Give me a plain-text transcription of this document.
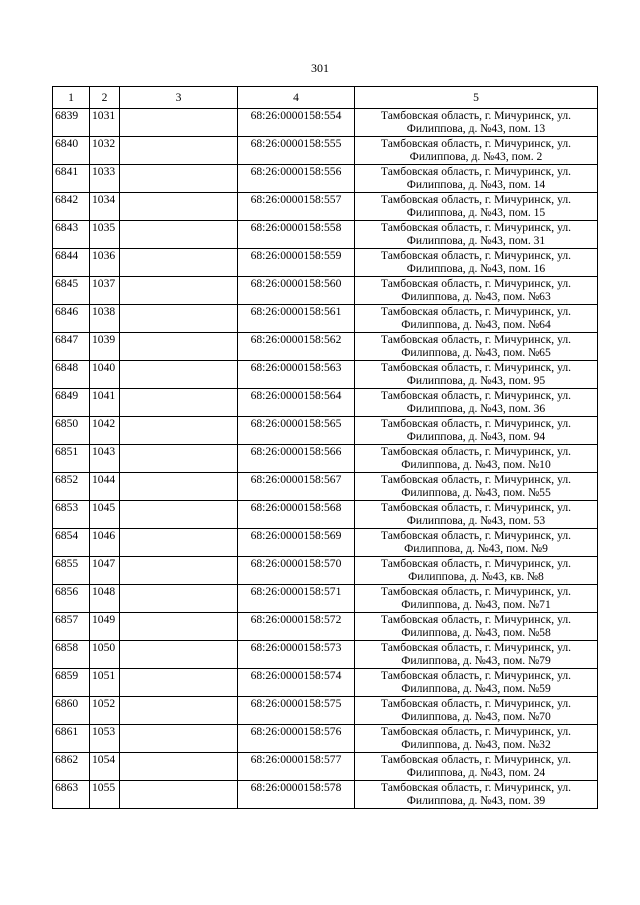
301
1	2	3	4	5
6839	1031		68:26:0000158:554	Тамбовская область, г. Мичуринск, ул.
Филиппова, д. №43, пом. 13

6840	1032		68:26:0000158:555	Тамбовская область, г. Мичуринск, ул.
Филиппова, д. №43, пом. 2

6841	1033		68:26:0000158:556	Тамбовская область, г. Мичуринск, ул.
Филиппова, д. №43, пом. 14

6842	1034		68:26:0000158:557	Тамбовская область, г. Мичуринск, ул.
Филиппова, д. №43, пом. 15

6843	1035		68:26:0000158:558	Тамбовская область, г. Мичуринск, ул.
Филиппова, д. №43, пом. 31

6844	1036		68:26:0000158:559	Тамбовская область, г. Мичуринск, ул.
Филиппова, д. №43, пом. 16

6845	1037		68:26:0000158:560	Тамбовская область, г. Мичуринск, ул.
Филиппова, д. №43, пом. №63

6846	1038		68:26:0000158:561	Тамбовская область, г. Мичуринск, ул.
Филиппова, д. №43, пом. №64

6847	1039		68:26:0000158:562	Тамбовская область, г. Мичуринск, ул.
Филиппова, д. №43, пом. №65

6848	1040		68:26:0000158:563	Тамбовская область, г. Мичуринск, ул.
Филиппова, д. №43, пом. 95

6849	1041		68:26:0000158:564	Тамбовская область, г. Мичуринск, ул.
Филиппова, д. №43, пом. 36

6850	1042		68:26:0000158:565	Тамбовская область, г. Мичуринск, ул.
Филиппова, д. №43, пом. 94

6851	1043		68:26:0000158:566	Тамбовская область, г. Мичуринск, ул.
Филиппова, д. №43, пом. №10

6852	1044		68:26:0000158:567	Тамбовская область, г. Мичуринск, ул.
Филиппова, д. №43, пом. №55

6853	1045		68:26:0000158:568	Тамбовская область, г. Мичуринск, ул.
Филиппова, д. №43, пом. 53

6854	1046		68:26:0000158:569	Тамбовская область, г. Мичуринск, ул.
Филиппова, д. №43, пом. №9

6855	1047		68:26:0000158:570	Тамбовская область, г. Мичуринск, ул.
Филиппова, д. №43, кв. №8

6856	1048		68:26:0000158:571	Тамбовская область, г. Мичуринск, ул.
Филиппова, д. №43, пом. №71

6857	1049		68:26:0000158:572	Тамбовская область, г. Мичуринск, ул.
Филиппова, д. №43, пом. №58

6858	1050		68:26:0000158:573	Тамбовская область, г. Мичуринск, ул.
Филиппова, д. №43, пом. №79

6859	1051		68:26:0000158:574	Тамбовская область, г. Мичуринск, ул.
Филиппова, д. №43, пом. №59

6860	1052		68:26:0000158:575	Тамбовская область, г. Мичуринск, ул.
Филиппова, д. №43, пом. №70

6861	1053		68:26:0000158:576	Тамбовская область, г. Мичуринск, ул.
Филиппова, д. №43, пом. №32

6862	1054		68:26:0000158:577	Тамбовская область, г. Мичуринск, ул.
Филиппова, д. №43, пом. 24

6863	1055		68:26:0000158:578	Тамбовская область, г. Мичуринск, ул.
Филиппова, д. №43, пом. 39
